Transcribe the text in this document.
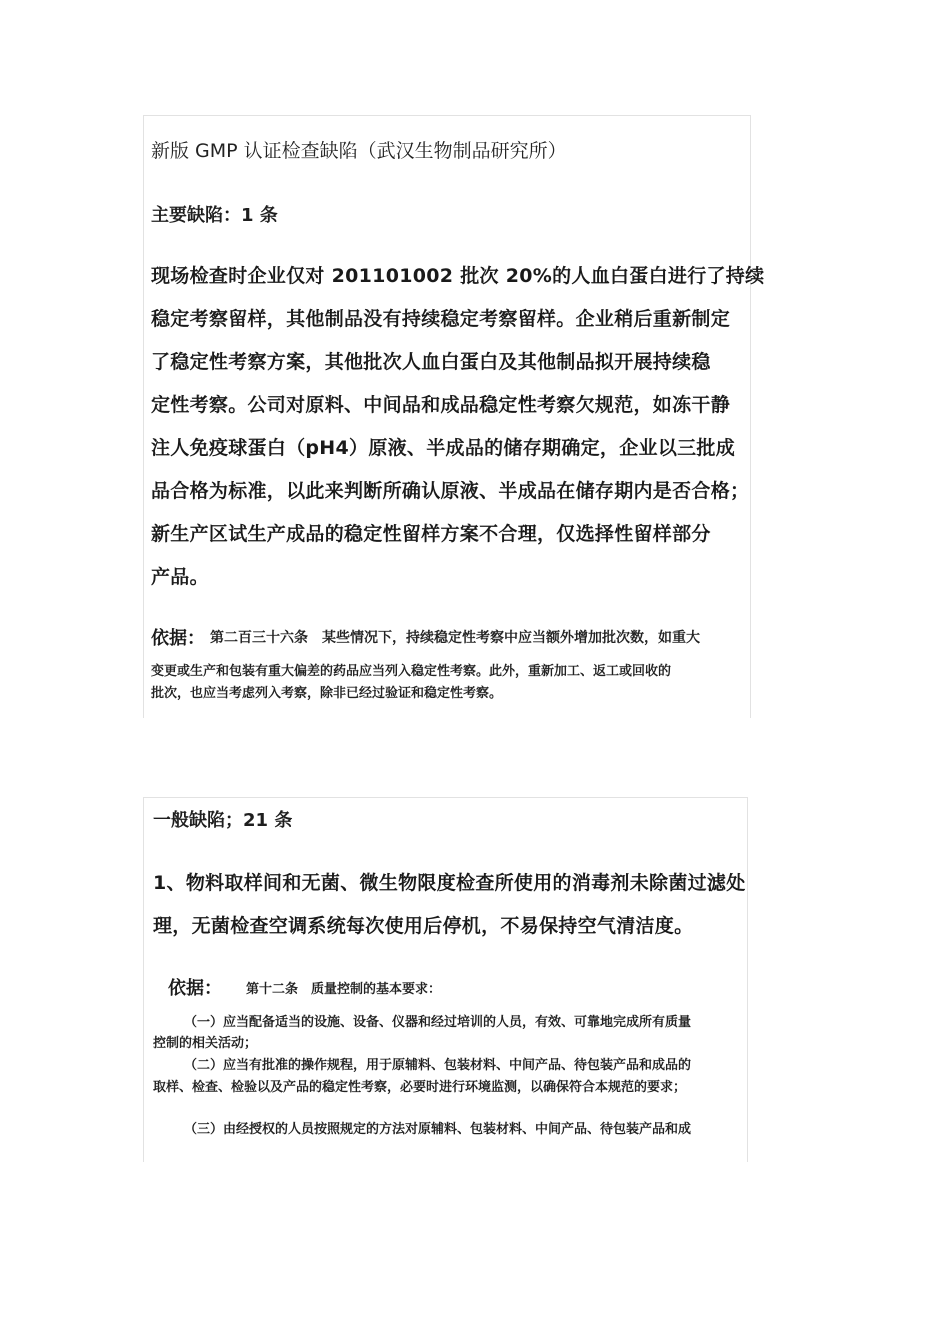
新版 GMP 认证检查缺陷（武汉生物制品研究所）

主要缺陷：1 条

现场检查时企业仅对 201101002 批次 20%的人血白蛋白进行了持续

稳定考察留样，其他制品没有持续稳定考察留样。企业稍后重新制定

了稳定性考察方案，其他批次人血白蛋白及其他制品拟开展持续稳

定性考察。公司对原料、中间品和成品稳定性考察欠规范，如冻干静

注人免疫球蛋白（pH4）原液、半成品的储存期确定，企业以三批成

品合格为标准，以此来判断所确认原液、半成品在储存期内是否合格；

新生产区试生产成品的稳定性留样方案不合理，仅选择性留样部分

产品。

依据： 第二百三十六条　某些情况下，持续稳定性考察中应当额外增加批次数，如重大

变更或生产和包装有重大偏差的药品应当列入稳定性考察。此外，重新加工、返工或回收的

批次，也应当考虑列入考察，除非已经过验证和稳定性考察。

一般缺陷；21 条

1、物料取样间和无菌、微生物限度检查所使用的消毒剂未除菌过滤处

理，无菌检查空调系统每次使用后停机，不易保持空气清洁度。

依据： 第十二条　质量控制的基本要求：

（一）应当配备适当的设施、设备、仪器和经过培训的人员，有效、可靠地完成所有质量

控制的相关活动；

（二）应当有批准的操作规程，用于原辅料、包装材料、中间产品、待包装产品和成品的

取样、检查、检验以及产品的稳定性考察，必要时进行环境监测，以确保符合本规范的要求；

（三）由经授权的人员按照规定的方法对原辅料、包装材料、中间产品、待包装产品和成
